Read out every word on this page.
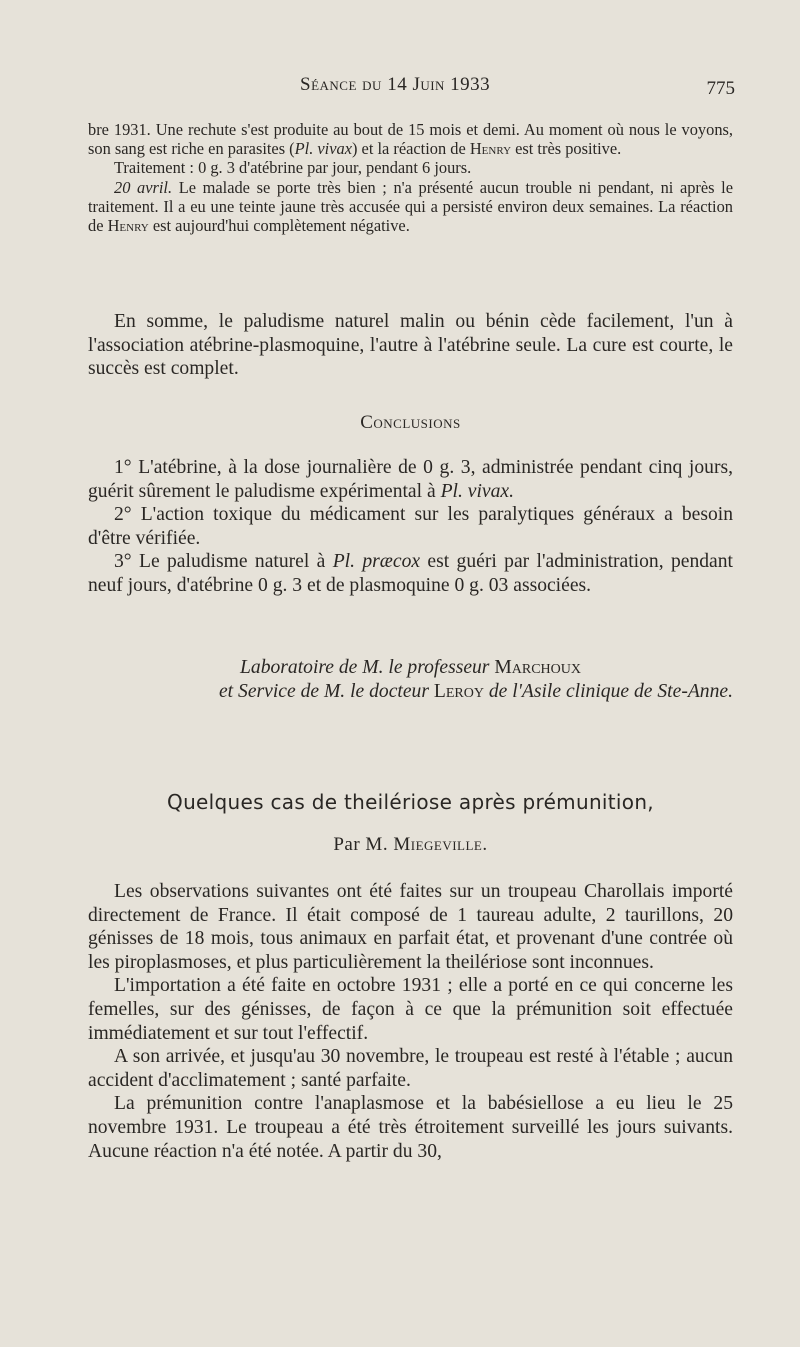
Séance du 14 Juin 1933	775

bre 1931. Une rechute s'est produite au bout de 15 mois et demi. Au moment où nous le voyons, son sang est riche en parasites (Pl. vivax) et la réaction de Henry est très positive.

Traitement : 0 g. 3 d'atébrine par jour, pendant 6 jours.

20 avril. Le malade se porte très bien ; n'a présenté aucun trouble ni pendant, ni après le traitement. Il a eu une teinte jaune très accusée qui a persisté environ deux semaines. La réaction de Henry est aujourd'hui complètement négative.

En somme, le paludisme naturel malin ou bénin cède facilement, l'un à l'association atébrine-plasmoquine, l'autre à l'atébrine seule. La cure est courte, le succès est complet.

Conclusions

1° L'atébrine, à la dose journalière de 0 g. 3, administrée pendant cinq jours, guérit sûrement le paludisme expérimental à Pl. vivax.

2° L'action toxique du médicament sur les paralytiques généraux a besoin d'être vérifiée.

3° Le paludisme naturel à Pl. præcox est guéri par l'administration, pendant neuf jours, d'atébrine 0 g. 3 et de plasmoquine 0 g. 03 associées.

Laboratoire de M. le professeur Marchoux

et Service de M. le docteur Leroy de l'Asile clinique de Ste-Anne.

Quelques cas de theilériose après prémunition,
Par M. Miegeville.

Les observations suivantes ont été faites sur un troupeau Charollais importé directement de France. Il était composé de 1 taureau adulte, 2 taurillons, 20 génisses de 18 mois, tous animaux en parfait état, et provenant d'une contrée où les piroplasmoses, et plus particulièrement la theilériose sont inconnues.

L'importation a été faite en octobre 1931 ; elle a porté en ce qui concerne les femelles, sur des génisses, de façon à ce que la prémunition soit effectuée immédiatement et sur tout l'effectif.

A son arrivée, et jusqu'au 30 novembre, le troupeau est resté à l'étable ; aucun accident d'acclimatement ; santé parfaite.

La prémunition contre l'anaplasmose et la babésiellose a eu lieu le 25 novembre 1931. Le troupeau a été très étroitement surveillé les jours suivants. Aucune réaction n'a été notée. A partir du 30,
